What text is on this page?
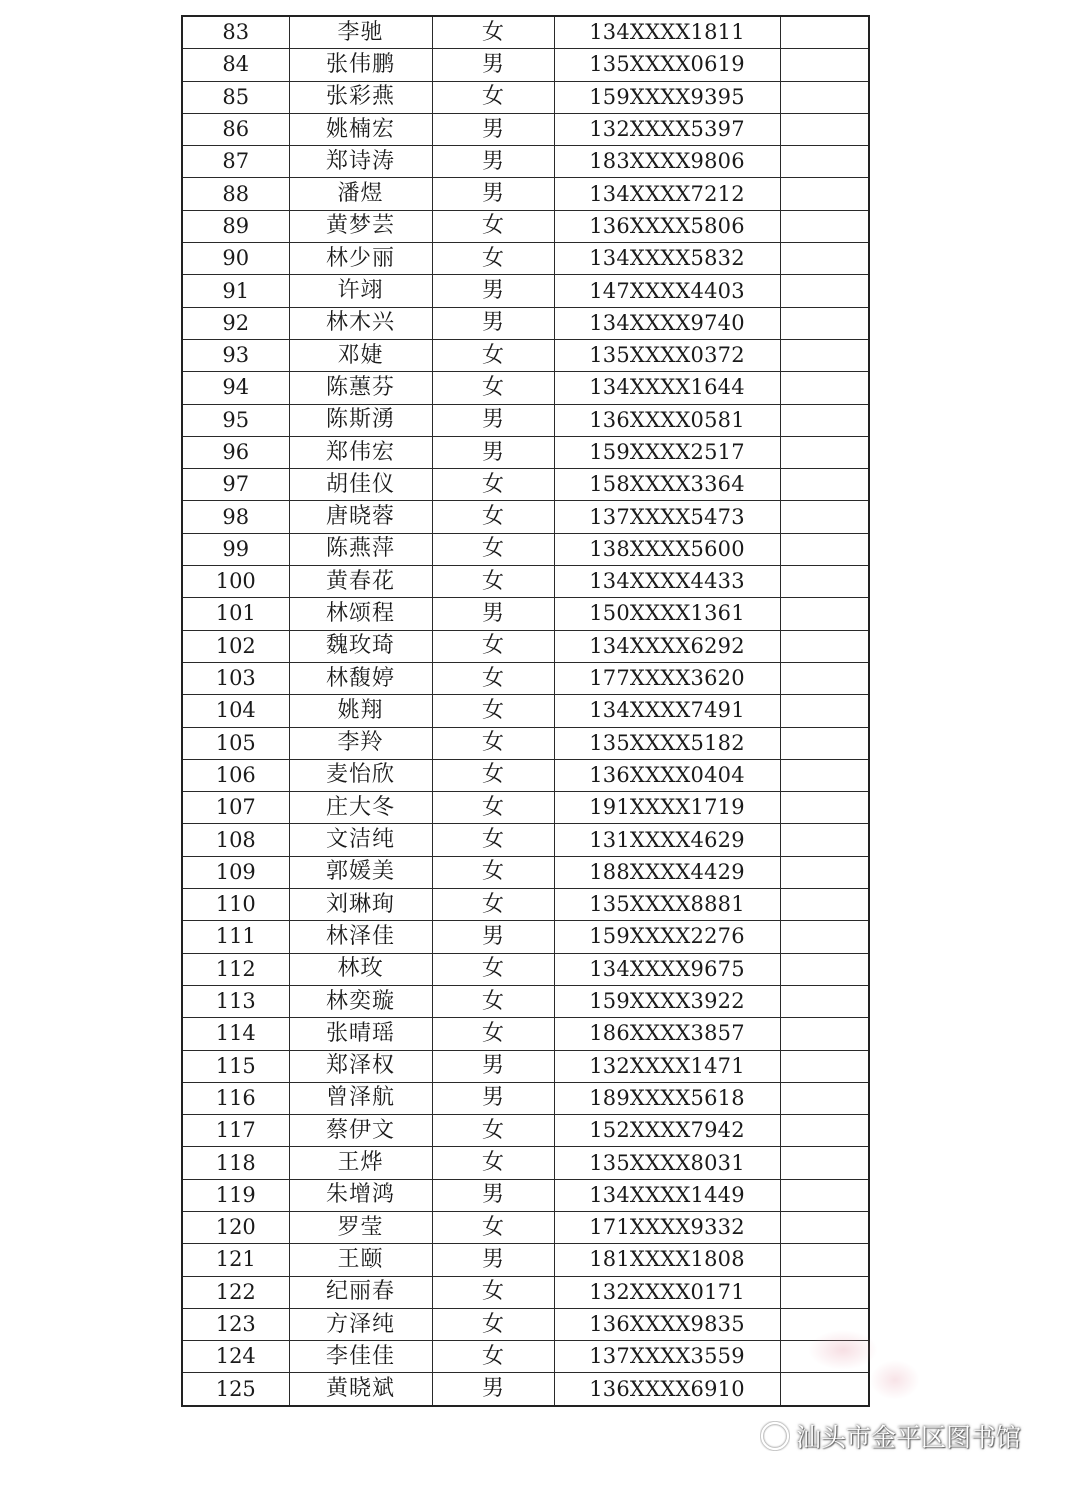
83	李驰	女	134XXXX1811	
84	张伟鹏	男	135XXXX0619	
85	张彩燕	女	159XXXX9395	
86	姚楠宏	男	132XXXX5397	
87	郑诗涛	男	183XXXX9806	
88	潘煜	男	134XXXX7212	
89	黄梦芸	女	136XXXX5806	
90	林少丽	女	134XXXX5832	
91	许翊	男	147XXXX4403	
92	林木兴	男	134XXXX9740	
93	邓婕	女	135XXXX0372	
94	陈蕙芬	女	134XXXX1644	
95	陈斯湧	男	136XXXX0581	
96	郑伟宏	男	159XXXX2517	
97	胡佳仪	女	158XXXX3364	
98	唐晓蓉	女	137XXXX5473	
99	陈燕萍	女	138XXXX5600	
100	黄春花	女	134XXXX4433	
101	林颂程	男	150XXXX1361	
102	魏玫琦	女	134XXXX6292	
103	林馥婷	女	177XXXX3620	
104	姚翔	女	134XXXX7491	
105	李羚	女	135XXXX5182	
106	麦怡欣	女	136XXXX0404	
107	庄大冬	女	191XXXX1719	
108	文洁纯	女	131XXXX4629	
109	郭媛美	女	188XXXX4429	
110	刘琳珣	女	135XXXX8881	
111	林泽佳	男	159XXXX2276	
112	林玫	女	134XXXX9675	
113	林奕璇	女	159XXXX3922	
114	张晴瑶	女	186XXXX3857	
115	郑泽权	男	132XXXX1471	
116	曾泽航	男	189XXXX5618	
117	蔡伊文	女	152XXXX7942	
118	王烨	女	135XXXX8031	
119	朱增鸿	男	134XXXX1449	
120	罗莹	女	171XXXX9332	
121	王颐	男	181XXXX1808	
122	纪丽春	女	132XXXX0171	
123	方泽纯	女	136XXXX9835	
124	李佳佳	女	137XXXX3559	
125	黄晓斌	男	136XXXX6910	
汕头市金平区图书馆
